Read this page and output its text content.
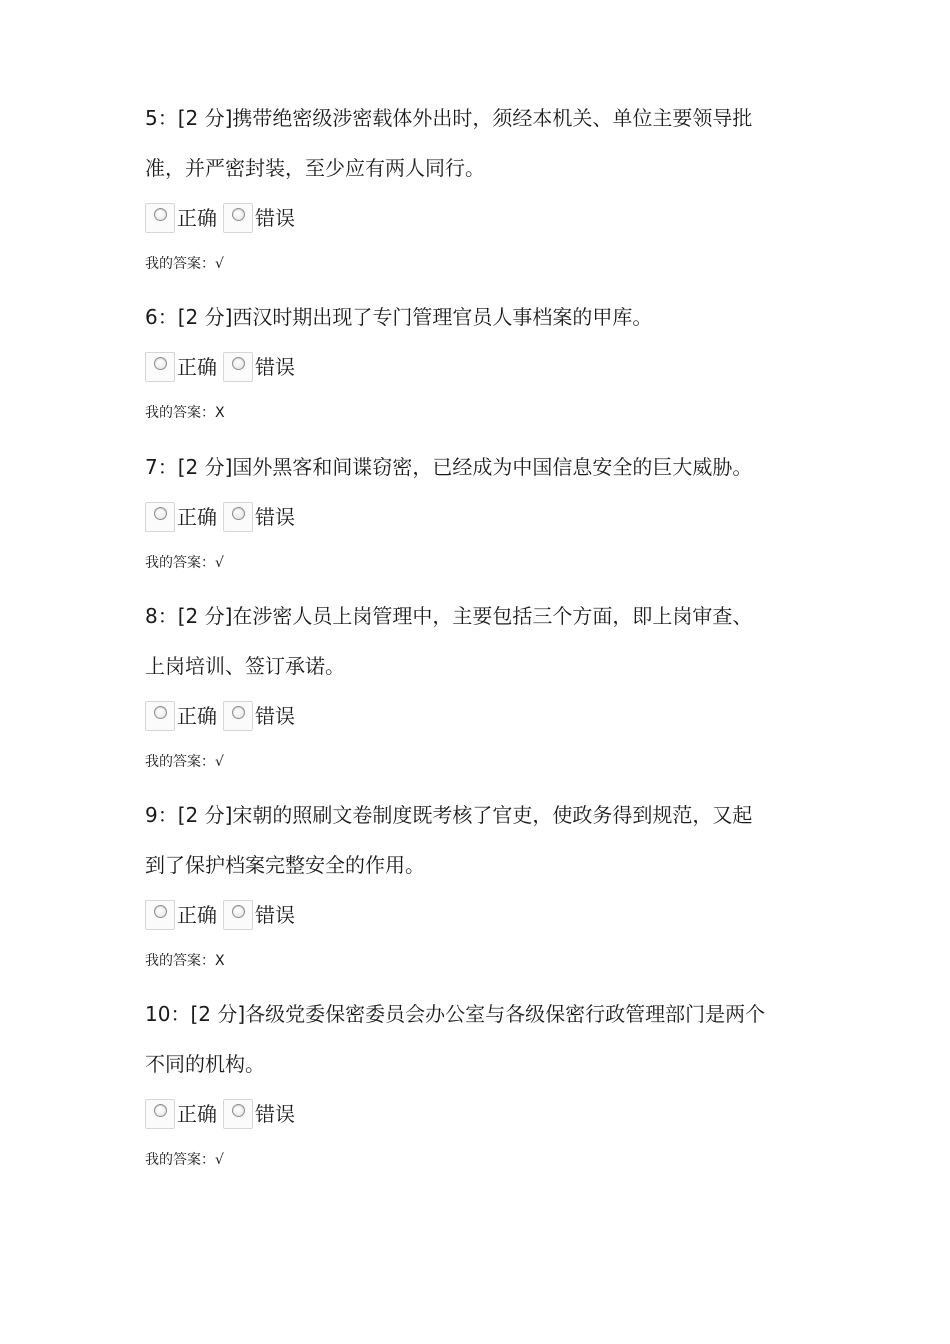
5：[2 分]携带绝密级涉密载体外出时，须经本机关、单位主要领导批
准，并严密封装，至少应有两人同行。
正确 错误
我的答案：√
6：[2 分]西汉时期出现了专门管理官员人事档案的甲库。
正确 错误
我的答案：X
7：[2 分]国外黑客和间谍窃密，已经成为中国信息安全的巨大威胁。
正确 错误
我的答案：√
8：[2 分]在涉密人员上岗管理中，主要包括三个方面，即上岗审查、
上岗培训、签订承诺。
正确 错误
我的答案：√
9：[2 分]宋朝的照刷文卷制度既考核了官吏，使政务得到规范，又起
到了保护档案完整安全的作用。
正确 错误
我的答案：X
10：[2 分]各级党委保密委员会办公室与各级保密行政管理部门是两个
不同的机构。
正确 错误
我的答案：√
